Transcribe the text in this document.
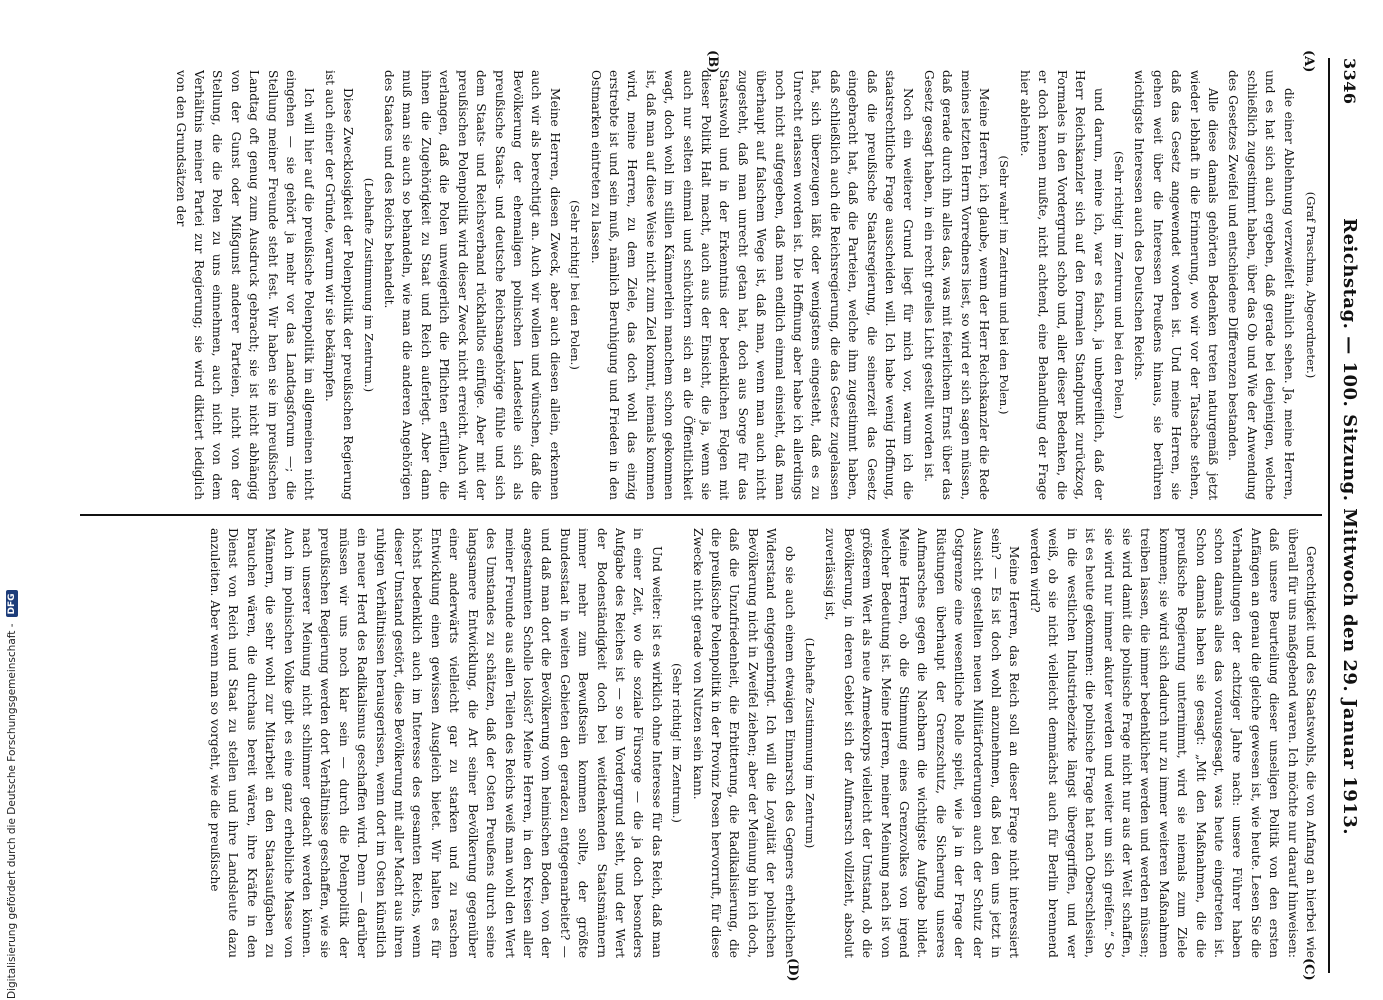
3346
Reichstag. — 100. Sitzung. Mittwoch den 29. Januar 1913.

(A)
(B)
(C)
(D)

(Graf Praschma, Abgeordneter.)

die einer Ablehnung verzweifelt ähnlich sehen. Ja, meine Herren, und es hat sich auch ergeben, daß gerade bei denjenigen, welche schließlich zugestimmt haben, über das Ob und Wie der Anwendung des Gesetzes Zweifel und entschiedene Differenzen bestanden.

Alle diese damals gehörten Bedenken treten naturgemäß jetzt wieder lebhaft in die Erinnerung, wo wir vor der Tatsache stehen, daß das Gesetz angewendet worden ist. Und meine Herren, sie gehen weit über die Interessen Preußens hinaus, sie berühren wichtigste Interessen auch des Deutschen Reichs.

(Sehr richtig! im Zentrum und bei den Polen.)

und darum, meine ich, war es falsch, ja unbegreiflich, daß der Herr Reichskanzler sich auf den formalen Standpunkt zurückzog, Formales in den Vordergrund schob und, aller dieser Bedenken, die er doch kennen mußte, nicht achtend, eine Behandlung der Frage hier ablehnte.

(Sehr wahr! im Zentrum und bei den Polen.)

Meine Herren, ich glaube, wenn der Herr Reichskanzler die Rede meines letzten Herrn Vorredners liest, so wird er sich sagen müssen, daß gerade durch ihn alles das, was mit feierlichem Ernst über das Gesetz gesagt haben, in ein recht grelles Licht gestellt worden ist.

Noch ein weiterer Grund liegt für mich vor, warum ich die staatsrechtliche Frage ausscheiden will. Ich habe wenig Hoffnung, daß die preußische Staatsregierung, die seinerzeit das Gesetz eingebracht hat, daß die Parteien, welche ihm zugestimmt haben, daß schließlich auch die Reichsregierung, die das Gesetz zugelassen hat, sich überzeugen läßt oder wenigstens eingesteht, daß es zu Unrecht erlassen worden ist. Die Hoffnung aber habe ich allerdings noch nicht aufgegeben, daß man endlich einmal einsieht, daß man überhaupt auf falschem Wege ist, daß man, wenn man auch nicht zugesteht, daß man unrecht getan hat, doch aus Sorge für das Staatswohl und in der Erkenntnis der bedenklichen Folgen mit dieser Politik Halt macht, auch aus der Einsicht, die ja, wenn sie auch nur selten einmal und schüchtern sich an die Öffentlichkeit wagt, doch wohl im stillen Kämmerlein manchem schon gekommen ist, daß man auf diese Weise nicht zum Ziel kommt, niemals kommen wird, meine Herren, zu dem Ziele, das doch wohl das einzig erstrebte ist und sein muß, nämlich Beruhigung und Frieden in den Ostmarken eintreten zu lassen.

(Sehr richtig! bei den Polen.)

Meine Herren, diesen Zweck, aber auch diesen allein, erkennen auch wir als berechtigt an. Auch wir wollen und wünschen, daß die Bevölkerung der ehemaligen polnischen Landesteile sich als preußische Staats- und deutsche Reichsangehörige fühle und sich dem Staats- und Reichsverband rückhaltlos einfüge. Aber mit der preußischen Polenpolitik wird dieser Zweck nicht erreicht. Auch wir verlangen, daß die Polen unweigerlich die Pflichten erfüllen, die ihnen die Zugehörigkeit zu Staat und Reich auferlegt. Aber dann muß man sie auch so behandeln, wie man die anderen Angehörigen des Staates und des Reichs behandelt.

(Lebhafte Zustimmung im Zentrum.)

Diese Zwecklosigkeit der Polenpolitik der preußischen Regierung ist auch einer der Gründe, warum wir sie bekämpfen.

Ich will hier auf die preußische Polenpolitik im allgemeinen nicht eingehen — sie gehört ja mehr vor das Landtagsforum —; die Stellung meiner Freunde steht fest. Wir haben sie im preußischen Landtag oft genug zum Ausdruck gebracht; sie ist nicht abhängig von der Gunst oder Mißgunst anderer Parteien, nicht von der Stellung, die die Polen zu uns einnehmen, auch nicht von dem Verhältnis meiner Partei zur Regierung; sie wird diktiert lediglich von den Grundsätzen der

Gerechtigkeit und des Staatswohls, die von Anfang an hierbei wie überall für uns maßgebend waren. Ich möchte nur darauf hinweisen: daß unsere Beurteilung dieser unseligen Politik von den ersten Anfängen an genau die gleiche gewesen ist, wie heute. Lesen Sie die Verhandlungen der achtziger Jahre nach: unsere Führer haben schon damals alles das vorausgesagt, was heute eingetreten ist. Schon damals haben sie gesagt: „Mit den Maßnahmen, die die preußische Regierung unternimmt, wird sie niemals zum Ziele kommen; sie wird sich dadurch nur zu immer weiteren Maßnahmen treiben lassen, die immer bedenklicher werden und werden müssen; sie wird damit die polnische Frage nicht nur aus der Welt schaffen, sie wird nur immer akuter werden und weiter um sich greifen.“ So ist es heute gekommen: die polnische Frage hat nach Oberschlesien, in die westlichen Industriebezirke längst übergegriffen, und wer weiß, ob sie nicht vielleicht demnächst auch für Berlin brennend werden wird?

Meine Herren, das Reich soll an dieser Frage nicht interessiert sein? — Es ist doch wohl anzunehmen, daß bei den uns jetzt in Aussicht gestellten neuen Militärforderungen auch der Schutz der Ostgrenze eine wesentliche Rolle spielt, wie ja in der Frage der Rüstungen überhaupt der Grenzschutz, die Sicherung unseres Aufmarsches gegen die Nachbarn die wichtigste Aufgabe bildet. Meine Herren, ob die Stimmung eines Grenzvolkes von irgend welcher Bedeutung ist. Meine Herren, meiner Meinung nach ist von größerem Wert als neue Armeekorps vielleicht der Umstand, ob die Bevölkerung, in deren Gebiet sich der Aufmarsch vollzieht, absolut zuverlässig ist,

(Lebhafte Zustimmung im Zentrum)

ob sie auch einem etwaigen Einmarsch des Gegners erheblichen Widerstand entgegenbringt. Ich will die Loyalität der polnischen Bevölkerung nicht in Zweifel ziehen; aber der Meinung bin ich doch, daß die Unzufriedenheit, die Erbitterung, die Radikalisierung, die die preußische Polenpolitik in der Provinz Posen hervorruft, für diese Zwecke nicht gerade von Nutzen sein kann.

(Sehr richtig! im Zentrum.)

Und weiter: ist es wirklich ohne Interesse für das Reich, daß man in einer Zeit, wo die soziale Fürsorge — die ja doch besonders Aufgabe des Reiches ist — so im Vordergrund steht, und der Wert der Bodenständigkeit doch bei weitdenkenden Staatsmännern immer mehr zum Bewußtsein kommen sollte, der größte Bundesstaat in weiten Gebieten den geradezu entgegenarbeitet? — und daß man dort die Bevölkerung vom heimischen Boden, von der angestammten Scholle loslöst? Meine Herren, in den Kreisen aller meiner Freunde aus allen Teilen des Reichs weiß man wohl den Wert des Umstandes zu schätzen, daß der Osten Preußens durch seine langsamere Entwicklung, die Art seiner Bevölkerung gegenüber einer anderwärts vielleicht gar zu starken und zu raschen Entwicklung einen gewissen Ausgleich bietet. Wir halten es für höchst bedenklich auch im Interesse des gesamten Reichs, wenn dieser Umstand gestört, diese Bevölkerung mit aller Macht aus ihren ruhigen Verhältnissen herausgerissen, wenn dort im Osten künstlich ein neuer Herd des Radikalismus geschaffen wird. Denn — darüber müssen wir uns noch klar sein — durch die Polenpolitik der preußischen Regierung werden dort Verhältnisse geschaffen, wie sie nach unserer Meinung nicht schlimmer gedacht werden können. Auch im polnischen Volke gibt es eine ganz erhebliche Masse von Männern, die sehr wohl zur Mitarbeit an den Staatsaufgaben zu brauchen wären, die durchaus bereit wären, ihre Kräfte in den Dienst von Reich und Staat zu stellen und ihre Landsleute dazu anzuleiten. Aber wenn man so vorgeht, wie die preußische

Digitalisierung gefördert durch die Deutsche Forschungsgemeinschaft -
DFG
